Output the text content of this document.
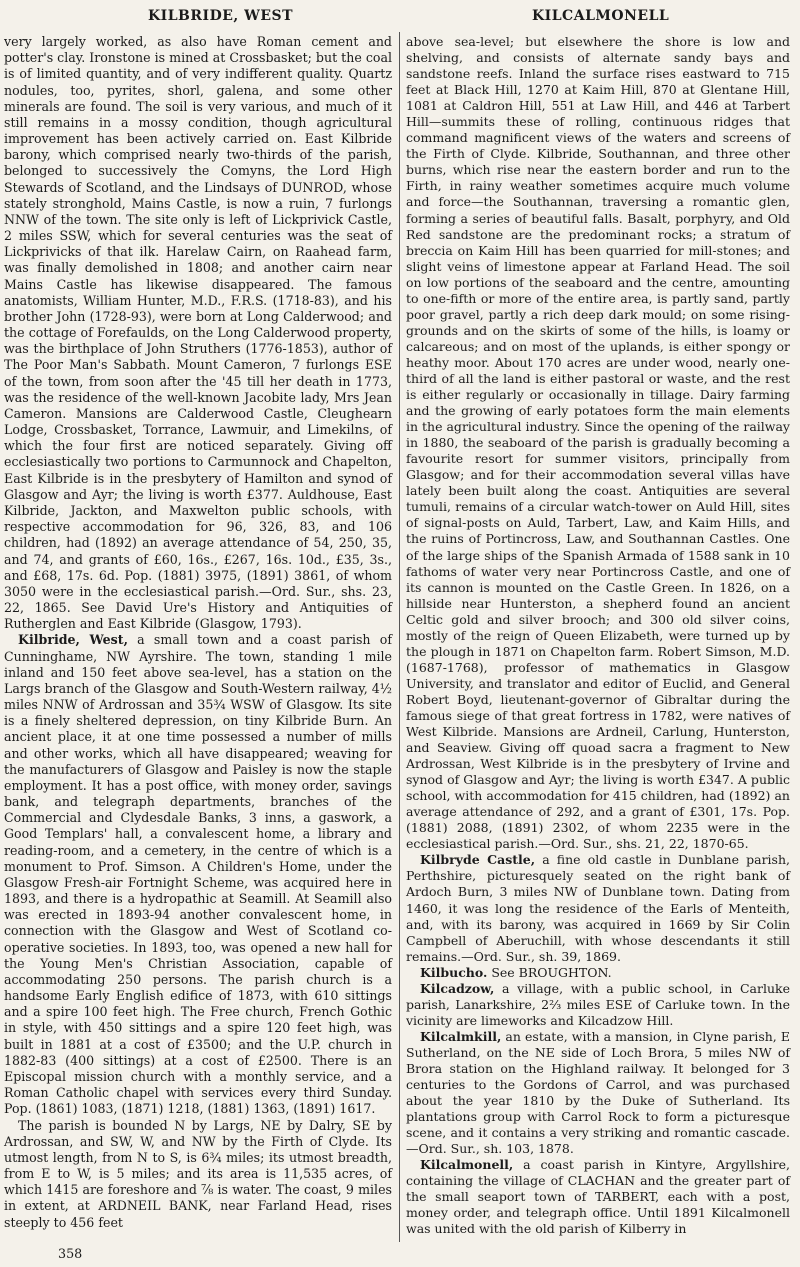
KILBRIDE, WEST	KILCALMONELL

very largely worked, as also have Roman cement and potter's clay. Ironstone is mined at Crossbasket; but the coal is of limited quantity, and of very indifferent quality. Quartz nodules, too, pyrites, shorl, galena, and some other minerals are found. The soil is very various, and much of it still remains in a mossy condition, though agricultural improvement has been actively carried on. East Kilbride barony, which comprised nearly two-thirds of the parish, belonged to successively the Comyns, the Lord High Stewards of Scotland, and the Lindsays of DUNROD, whose stately stronghold, Mains Castle, is now a ruin, 7 furlongs NNW of the town. The site only is left of Lickprivick Castle, 2 miles SSW, which for several centuries was the seat of Lickprivicks of that ilk. Harelaw Cairn, on Raahead farm, was finally demolished in 1808; and another cairn near Mains Castle has likewise disappeared. The famous anatomists, William Hunter, M.D., F.R.S. (1718-83), and his brother John (1728-93), were born at Long Calderwood; and the cottage of Forefaulds, on the Long Calderwood property, was the birthplace of John Struthers (1776-1853), author of The Poor Man's Sabbath. Mount Cameron, 7 furlongs ESE of the town, from soon after the '45 till her death in 1773, was the residence of the well-known Jacobite lady, Mrs Jean Cameron. Mansions are Calderwood Castle, Cleughearn Lodge, Crossbasket, Torrance, Lawmuir, and Limekilns, of which the four first are noticed separately. Giving off ecclesiastically two portions to Carmunnock and Chapelton, East Kilbride is in the presbytery of Hamilton and synod of Glasgow and Ayr; the living is worth £377. Auldhouse, East Kilbride, Jackton, and Maxwelton public schools, with respective accommodation for 96, 326, 83, and 106 children, had (1892) an average attendance of 54, 250, 35, and 74, and grants of £60, 16s., £267, 16s. 10d., £35, 3s., and £68, 17s. 6d. Pop. (1881) 3975, (1891) 3861, of whom 3050 were in the ecclesiastical parish.—Ord. Sur., shs. 23, 22, 1865. See David Ure's History and Antiquities of Rutherglen and East Kilbride (Glasgow, 1793).

Kilbride, West, a small town and a coast parish of Cunninghame, NW Ayrshire. The town, standing 1 mile inland and 150 feet above sea-level, has a station on the Largs branch of the Glasgow and South-Western railway, 4½ miles NNW of Ardrossan and 35¾ WSW of Glasgow. Its site is a finely sheltered depression, on tiny Kilbride Burn. An ancient place, it at one time possessed a number of mills and other works, which all have disappeared; weaving for the manufacturers of Glasgow and Paisley is now the staple employment. It has a post office, with money order, savings bank, and telegraph departments, branches of the Commercial and Clydesdale Banks, 3 inns, a gaswork, a Good Templars' hall, a convalescent home, a library and reading-room, and a cemetery, in the centre of which is a monument to Prof. Simson. A Children's Home, under the Glasgow Fresh-air Fortnight Scheme, was acquired here in 1893, and there is a hydropathic at Seamill. At Seamill also was erected in 1893-94 another convalescent home, in connection with the Glasgow and West of Scotland co-operative societies. In 1893, too, was opened a new hall for the Young Men's Christian Association, capable of accommodating 250 persons. The parish church is a handsome Early English edifice of 1873, with 610 sittings and a spire 100 feet high. The Free church, French Gothic in style, with 450 sittings and a spire 120 feet high, was built in 1881 at a cost of £3500; and the U.P. church in 1882-83 (400 sittings) at a cost of £2500. There is an Episcopal mission church with a monthly service, and a Roman Catholic chapel with services every third Sunday. Pop. (1861) 1083, (1871) 1218, (1881) 1363, (1891) 1617.

The parish is bounded N by Largs, NE by Dalry, SE by Ardrossan, and SW, W, and NW by the Firth of Clyde. Its utmost length, from N to S, is 6¾ miles; its utmost breadth, from E to W, is 5 miles; and its area is 11,535 acres, of which 1415 are foreshore and ⅞ is water. The coast, 9 miles in extent, at ARDNEIL BANK, near Farland Head, rises steeply to 456 feet

above sea-level; but elsewhere the shore is low and shelving, and consists of alternate sandy bays and sandstone reefs. Inland the surface rises eastward to 715 feet at Black Hill, 1270 at Kaim Hill, 870 at Glentane Hill, 1081 at Caldron Hill, 551 at Law Hill, and 446 at Tarbert Hill—summits these of rolling, continuous ridges that command magnificent views of the waters and screens of the Firth of Clyde. Kilbride, Southannan, and three other burns, which rise near the eastern border and run to the Firth, in rainy weather sometimes acquire much volume and force—the Southannan, traversing a romantic glen, forming a series of beautiful falls. Basalt, porphyry, and Old Red sandstone are the predominant rocks; a stratum of breccia on Kaim Hill has been quarried for mill-stones; and slight veins of limestone appear at Farland Head. The soil on low portions of the seaboard and the centre, amounting to one-fifth or more of the entire area, is partly sand, partly poor gravel, partly a rich deep dark mould; on some rising-grounds and on the skirts of some of the hills, is loamy or calcareous; and on most of the uplands, is either spongy or heathy moor. About 170 acres are under wood, nearly one-third of all the land is either pastoral or waste, and the rest is either regularly or occasionally in tillage. Dairy farming and the growing of early potatoes form the main elements in the agricultural industry. Since the opening of the railway in 1880, the seaboard of the parish is gradually becoming a favourite resort for summer visitors, principally from Glasgow; and for their accommodation several villas have lately been built along the coast. Antiquities are several tumuli, remains of a circular watch-tower on Auld Hill, sites of signal-posts on Auld, Tarbert, Law, and Kaim Hills, and the ruins of Portincross, Law, and Southannan Castles. One of the large ships of the Spanish Armada of 1588 sank in 10 fathoms of water very near Portincross Castle, and one of its cannon is mounted on the Castle Green. In 1826, on a hillside near Hunterston, a shepherd found an ancient Celtic gold and silver brooch; and 300 old silver coins, mostly of the reign of Queen Elizabeth, were turned up by the plough in 1871 on Chapelton farm. Robert Simson, M.D. (1687-1768), professor of mathematics in Glasgow University, and translator and editor of Euclid, and General Robert Boyd, lieutenant-governor of Gibraltar during the famous siege of that great fortress in 1782, were natives of West Kilbride. Mansions are Ardneil, Carlung, Hunterston, and Seaview. Giving off quoad sacra a fragment to New Ardrossan, West Kilbride is in the presbytery of Irvine and synod of Glasgow and Ayr; the living is worth £347. A public school, with accommodation for 415 children, had (1892) an average attendance of 292, and a grant of £301, 17s. Pop. (1881) 2088, (1891) 2302, of whom 2235 were in the ecclesiastical parish.—Ord. Sur., shs. 21, 22, 1870-65.

Kilbryde Castle, a fine old castle in Dunblane parish, Perthshire, picturesquely seated on the right bank of Ardoch Burn, 3 miles NW of Dunblane town. Dating from 1460, it was long the residence of the Earls of Menteith, and, with its barony, was acquired in 1669 by Sir Colin Campbell of Aberuchill, with whose descendants it still remains.—Ord. Sur., sh. 39, 1869.

Kilbucho. See BROUGHTON.

Kilcadzow, a village, with a public school, in Carluke parish, Lanarkshire, 2⅔ miles ESE of Carluke town. In the vicinity are limeworks and Kilcadzow Hill.

Kilcalmkill, an estate, with a mansion, in Clyne parish, E Sutherland, on the NE side of Loch Brora, 5 miles NW of Brora station on the Highland railway. It belonged for 3 centuries to the Gordons of Carrol, and was purchased about the year 1810 by the Duke of Sutherland. Its plantations group with Carrol Rock to form a picturesque scene, and it contains a very striking and romantic cascade.—Ord. Sur., sh. 103, 1878.

Kilcalmonell, a coast parish in Kintyre, Argyllshire, containing the village of CLACHAN and the greater part of the small seaport town of TARBERT, each with a post, money order, and telegraph office. Until 1891 Kilcalmonell was united with the old parish of Kilberry in

358
